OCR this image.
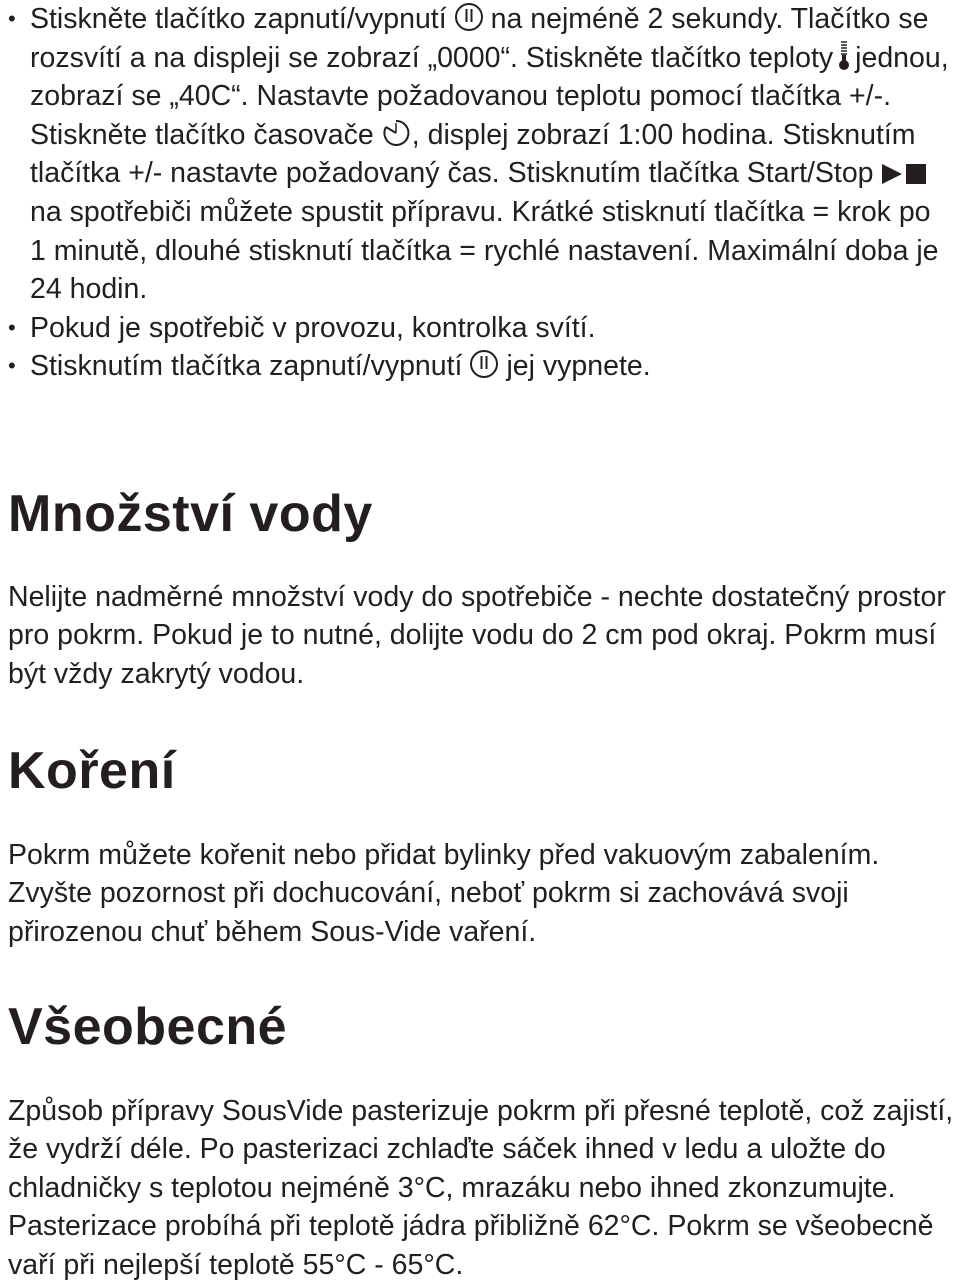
• Stiskněte tlačítko zapnutí/vypnutí na nejméně 2 sekundy. Tlačítko se rozsvítí a na displeji se zobrazí „0000“. Stiskněte tlačítko teploty jednou, zobrazí se „40C“. Nastavte požadovanou teplotu pomocí tlačítka +/-. Stiskněte tlačítko časovače , displej zobrazí 1:00 hodina. Stisknutím tlačítka +/- nastavte požadovaný čas. Stisknutím tlačítka Start/Stop
na spotřebiči můžete spustit přípravu. Krátké stisknutí tlačítka = krok po 1 minutě, dlouhé stisknutí tlačítka = rychlé nastavení. Maximální doba je 24 hodin.
• Pokud je spotřebič v provozu, kontrolka svítí.
• Stisknutím tlačítka zapnutí/vypnutí jej vypnete.
Množství vody

Nelijte nadměrné množství vody do spotřebiče - nechte dostatečný prostor pro pokrm. Pokud je to nutné, dolijte vodu do 2 cm pod okraj. Pokrm musí být vždy zakrytý vodou.

Koření

Pokrm můžete kořenit nebo přidat bylinky před vakuovým zabalením. Zvyšte pozornost při dochucování, neboť pokrm si zachovává svoji přirozenou chuť během Sous-Vide vaření.

Všeobecné

Způsob přípravy SousVide pasterizuje pokrm při přesné teplotě, což zajistí, že vydrží déle. Po pasterizaci zchlaďte sáček ihned v ledu a uložte do chladničky s teplotou nejméně 3°C, mrazáku nebo ihned zkonzumujte. Pasterizace probíhá při teplotě jádra přibližně 62°C. Pokrm se všeobecně vaří při nejlepší teplotě 55°C - 65°C.
